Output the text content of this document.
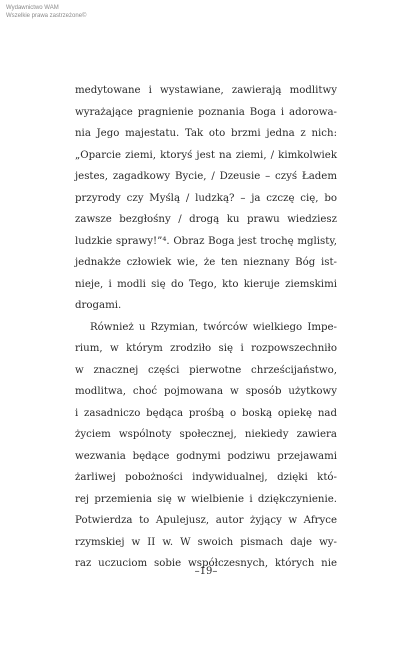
Wydawnictwo WAM
Wszelkie prawa zastrzeżone©
medytowane i wystawiane, zawierają modlitwy
wyrażające pragnienie poznania Boga i adorowa-
nia Jego majestatu. Tak oto brzmi jedna z nich:
„Oparcie ziemi, ktoryś jest na ziemi, / kimkolwiek
jestes, zagadkowy Bycie, / Dzeusie – czyś Ładem
przyrody czy Myślą / ludzką? – ja czczę cię, bo
zawsze bezgłośny / drogą ku prawu wiedziesz
ludzkie sprawy!”⁴. Obraz Boga jest trochę mglisty,
jednakże człowiek wie, że ten nieznany Bóg ist-
nieje, i modli się do Tego, kto kieruje ziemskimi
drogami.
Również u Rzymian, twórców wielkiego Impe-
rium, w którym zrodziło się i rozpowszechniło
w znacznej części pierwotne chrześcijaństwo,
modlitwa, choć pojmowana w sposób użytkowy
i zasadniczo będąca prośbą o boską opiekę nad
życiem wspólnoty społecznej, niekiedy zawiera
wezwania będące godnymi podziwu przejawami
żarliwej pobożności indywidualnej, dzięki któ-
rej przemienia się w wielbienie i dziękczynienie.
Potwierdza to Apulejusz, autor żyjący w Afryce
rzymskiej w II w. W swoich pismach daje wy-
raz uczuciom sobie współczesnych, których nie
–19–
